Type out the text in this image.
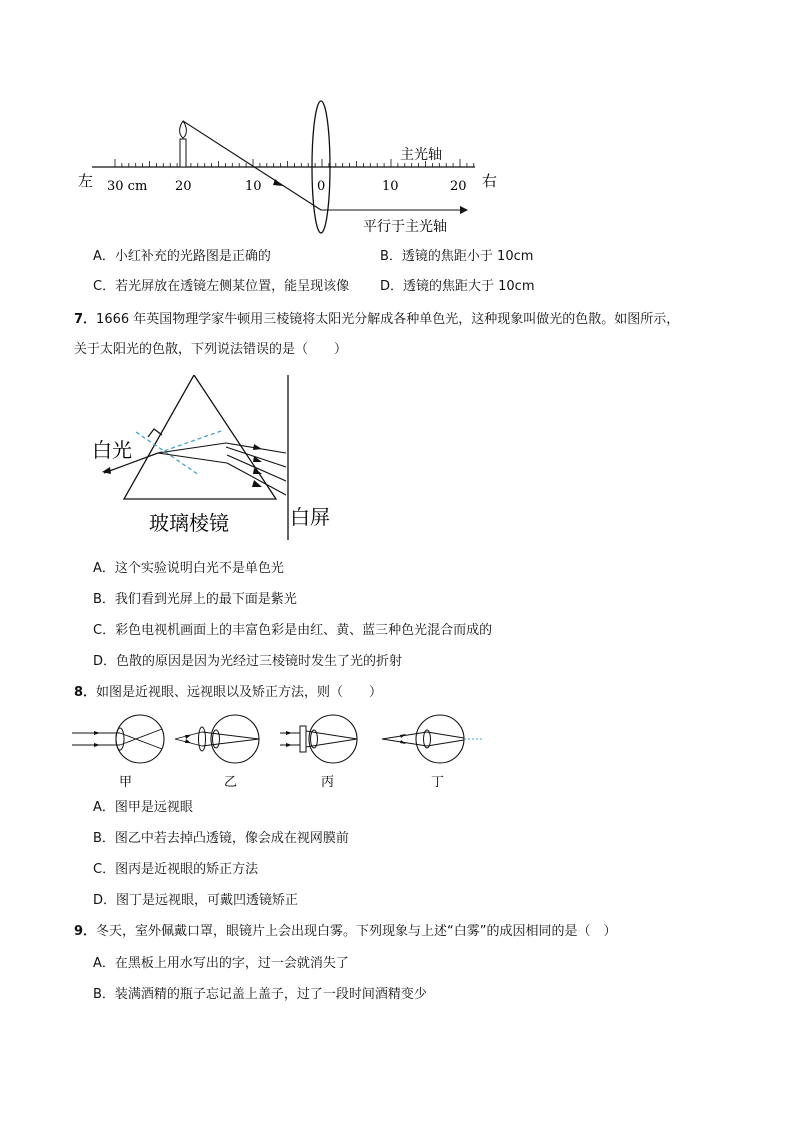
左	右
30 cm 20	10	0	10	20
主光轴
平行于主光轴
A．小红补充的光路图是正确的	B．透镜的焦距小于 10cm
C．若光屏放在透镜左侧某位置，能呈现该像 D．透镜的焦距大于 10cm
7．1666 年英国物理学家牛顿用三棱镜将太阳光分解成各种单色光，这种现象叫做光的色散。如图所示，
关于太阳光的色散，下列说法错误的是（　　）
白光
玻璃棱镜	白屏
A．这个实验说明白光不是单色光
B．我们看到光屏上的最下面是紫光
C．彩色电视机画面上的丰富色彩是由红、黄、蓝三种色光混合而成的
D．色散的原因是因为光经过三棱镜时发生了光的折射
8．如图是近视眼、远视眼以及矫正方法，则（　　）
甲	乙	丙	丁
A．图甲是远视眼
B．图乙中若去掉凸透镜，像会成在视网膜前
C．图丙是近视眼的矫正方法
D．图丁是远视眼，可戴凹透镜矫正
9．冬天，室外佩戴口罩，眼镜片上会出现白雾。下列现象与上述“白雾”的成因相同的是（　）
A．在黑板上用水写出的字，过一会就消失了
B．装满酒精的瓶子忘记盖上盖子，过了一段时间酒精变少
